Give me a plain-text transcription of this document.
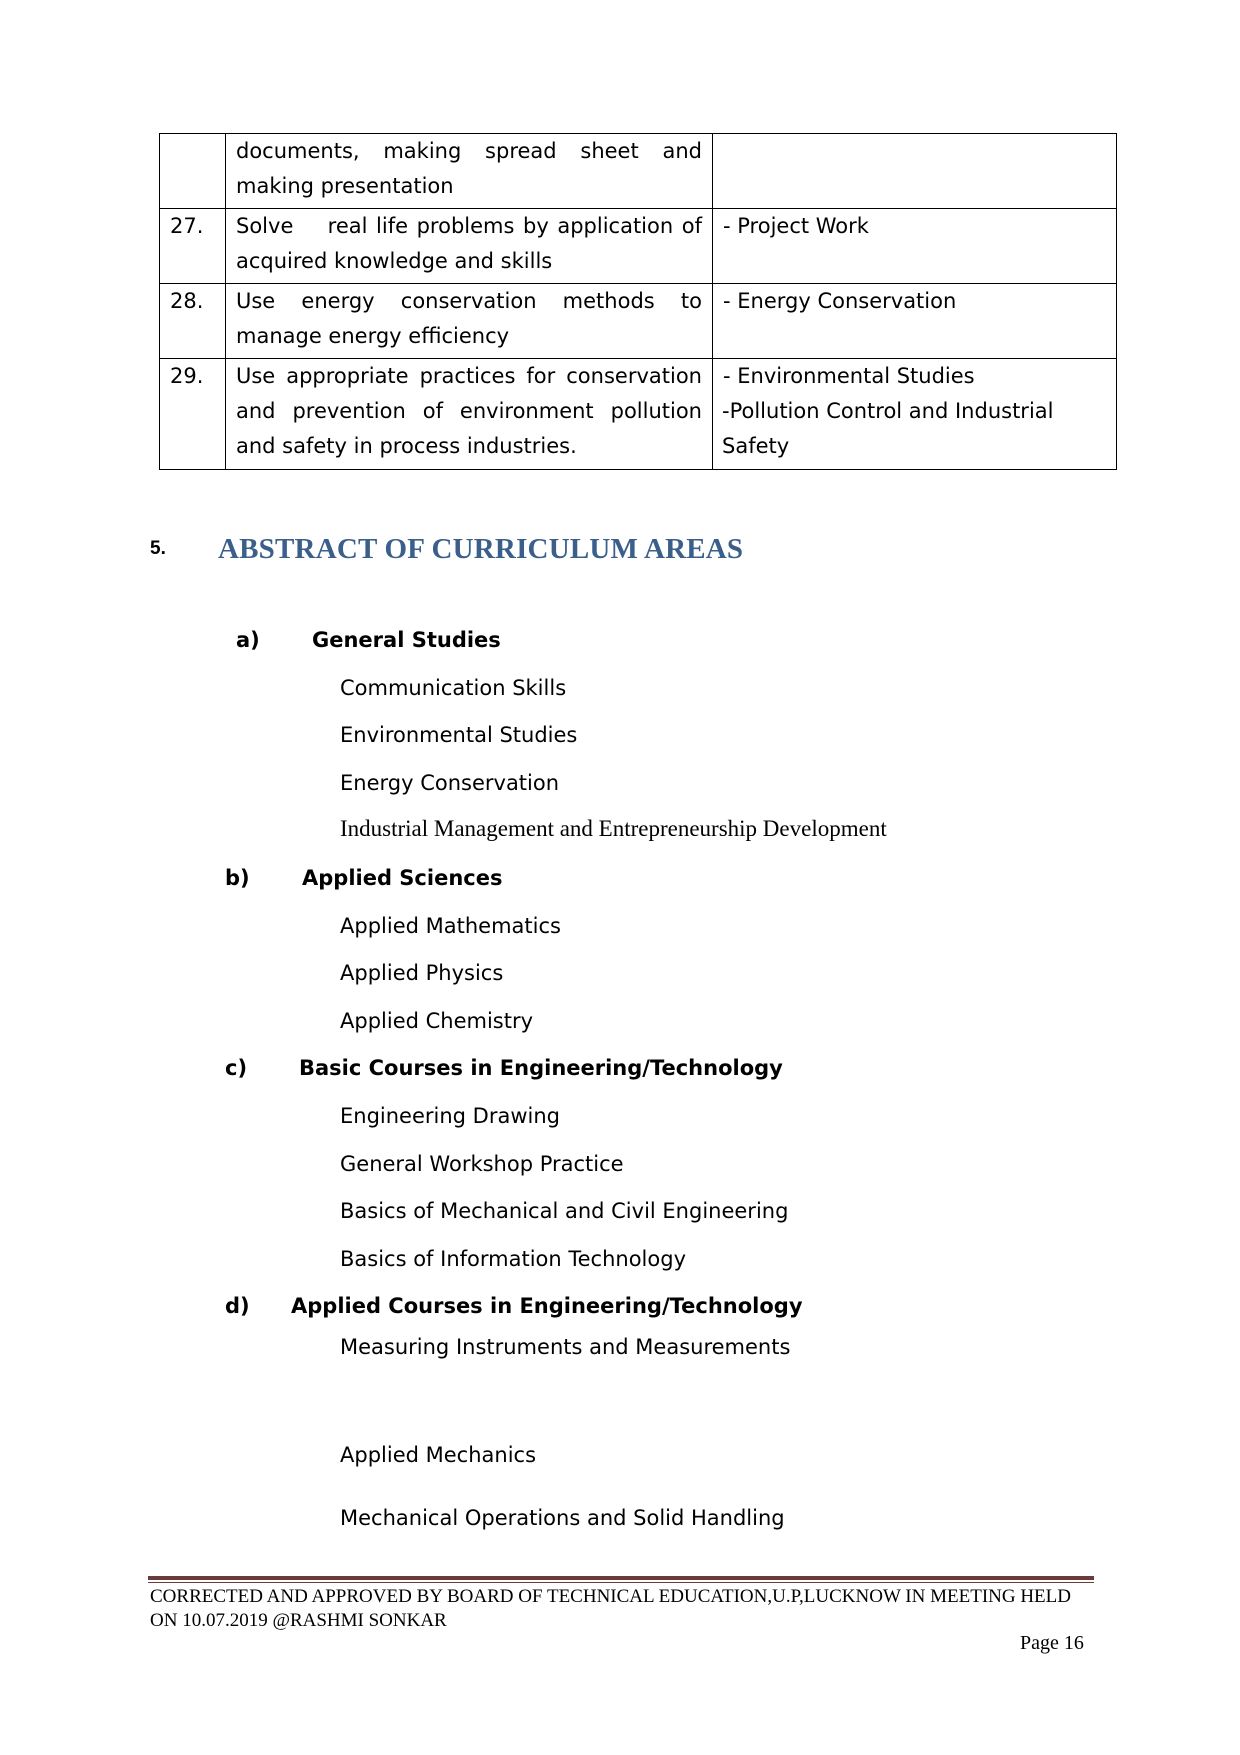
	documents, making spread sheet and making presentation	
27.	Solve    real life problems by application of acquired knowledge and skills	- Project Work

28.	Use energy conservation methods to manage energy efficiency	- Energy Conservation

29.	Use appropriate practices for conservation and prevention of environment pollution and safety in process industries.	- Environmental Studies
-Pollution Control and Industrial Safety
5. ABSTRACT OF CURRICULUM AREAS
a) General Studies
Communication Skills
Environmental Studies
Energy Conservation
Industrial Management and Entrepreneurship Development
b) Applied Sciences
Applied Mathematics
Applied Physics
Applied Chemistry
c) Basic Courses in Engineering/Technology
Engineering Drawing
General Workshop Practice
Basics of Mechanical and Civil Engineering
Basics of Information Technology
d) Applied Courses in Engineering/Technology
Measuring Instruments and Measurements
Applied Mechanics
Mechanical Operations and Solid Handling
CORRECTED AND APPROVED BY BOARD OF TECHNICAL EDUCATION,U.P,LUCKNOW IN MEETING HELD
ON 10.07.2019 @RASHMI SONKAR
Page 16
